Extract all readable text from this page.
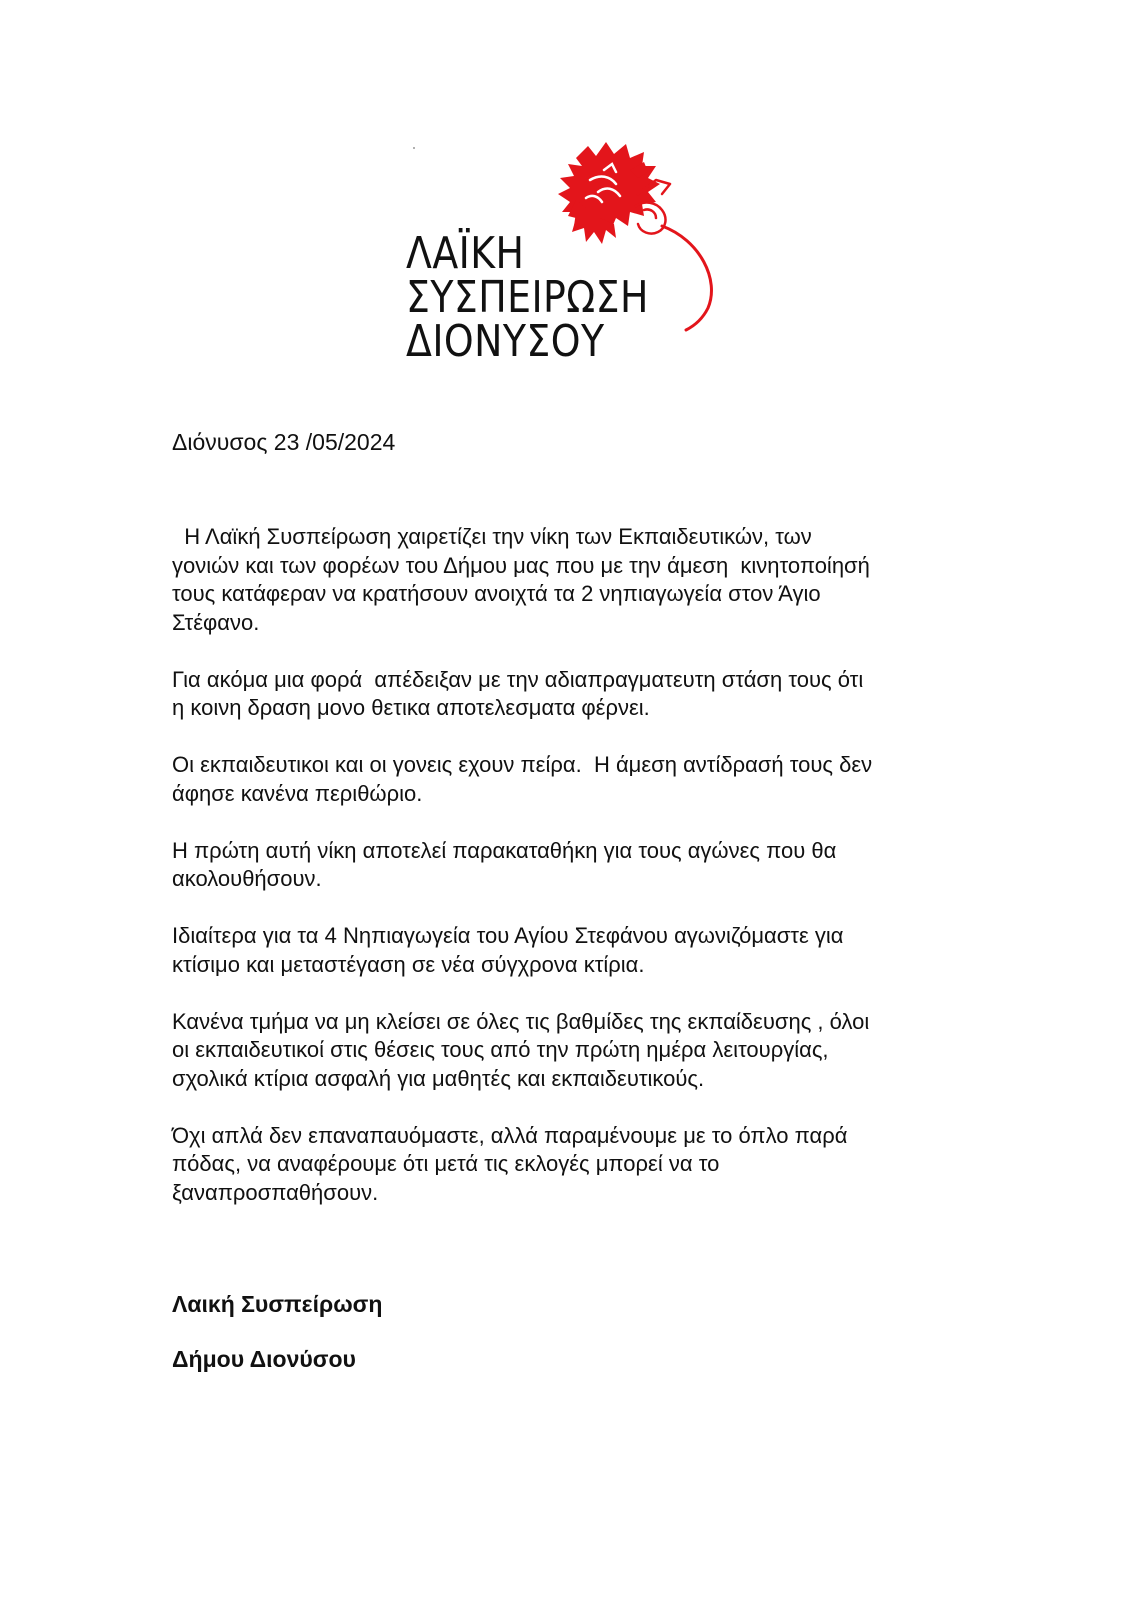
ΛΑΪΚΗ
ΣΥΣΠΕΙΡΩΣΗ
ΔΙΟΝΥΣΟΥ
Διόνυσος 23 /05/2024

Η Λαϊκή Συσπείρωση χαιρετίζει την νίκη των Εκπαιδευτικών, των
γονιών και των φορέων του Δήμου μας που με την άμεση  κινητοποίησή
τους κατάφεραν να κρατήσουν ανοιχτά τα 2 νηπιαγωγεία στον Άγιο
Στέφανο.

Για ακόμα μια φορά  απέδειξαν με την αδιαπραγματευτη στάση τους ότι
η κοινη δραση μονο θετικα αποτελεσματα φέρνει.

Οι εκπαιδευτικοι και οι γονεις εχουν πείρα.  Η άμεση αντίδρασή τους δεν
άφησε κανένα περιθώριο.

Η πρώτη αυτή νίκη αποτελεί παρακαταθήκη για τους αγώνες που θα
ακολουθήσουν.

Ιδιαίτερα για τα 4 Νηπιαγωγεία του Αγίου Στεφάνου αγωνιζόμαστε για
κτίσιμο και μεταστέγαση σε νέα σύγχρονα κτίρια.

Κανένα τμήμα να μη κλείσει σε όλες τις βαθμίδες της εκπαίδευσης , όλοι
οι εκπαιδευτικοί στις θέσεις τους από την πρώτη ημέρα λειτουργίας,
σχολικά κτίρια ασφαλή για μαθητές και εκπαιδευτικούς.

Όχι απλά δεν επαναπαυόμαστε, αλλά παραμένουμε με το όπλο παρά
πόδας, να αναφέρουμε ότι μετά τις εκλογές μπορεί να το
ξαναπροσπαθήσουν.

Λαική Συσπείρωση
Δήμου Διονύσου
